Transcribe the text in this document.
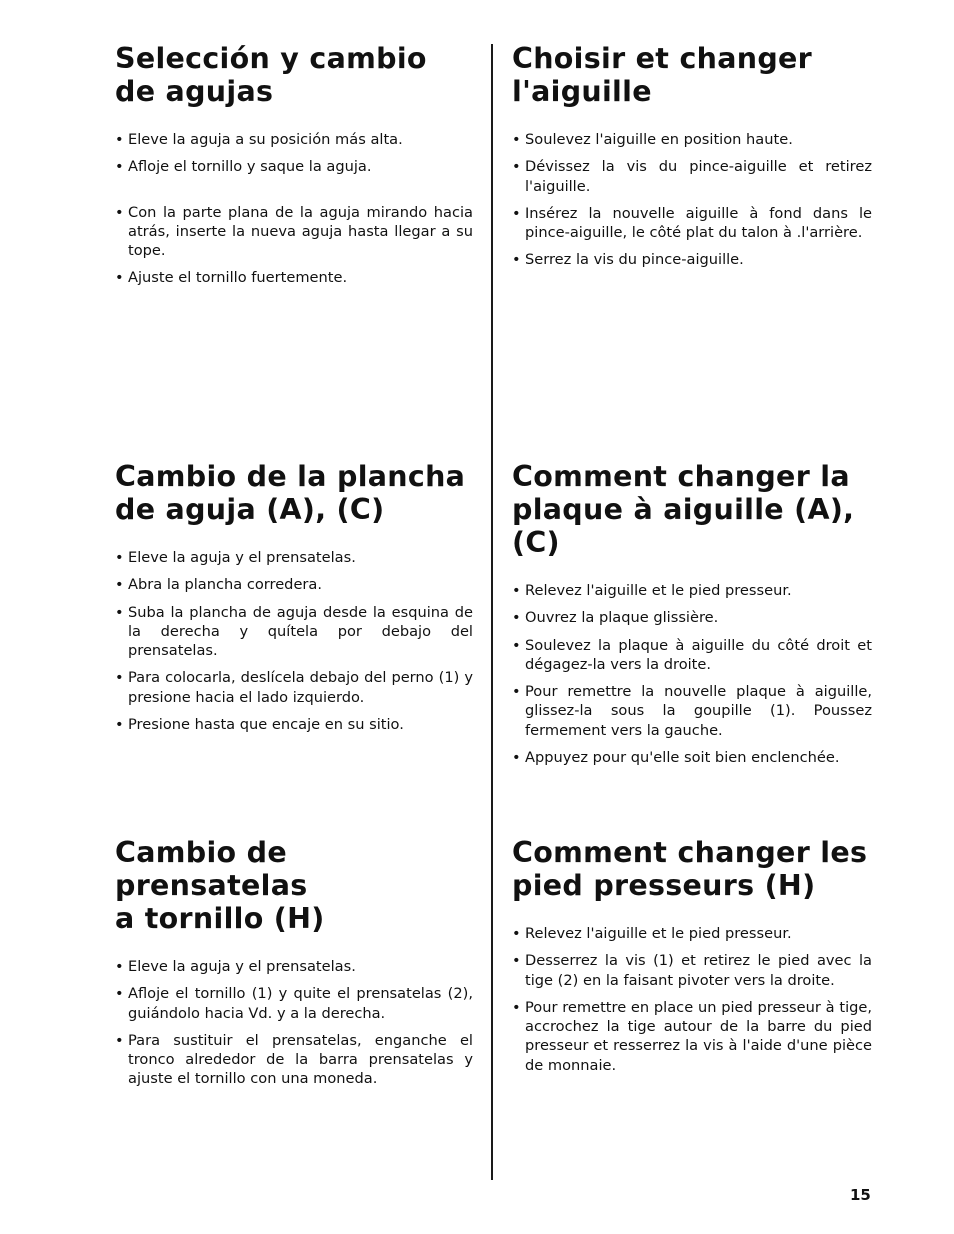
Selección y cambio
de agujas
• Eleve la aguja a su posición más alta.
• Afloje el tornillo y saque la aguja.
• Con la parte plana de la aguja mirando hacia atrás, inserte la nueva aguja hasta llegar a su tope.
• Ajuste el tornillo fuertemente.
Choisir et changer
l'aiguille
• Soulevez l'aiguille en position haute.
• Dévissez la vis du pince-aiguille et retirez l'aiguille.
• Insérez la nouvelle aiguille à fond dans le pince-aiguille, le côté plat du talon à .l'arrière.
• Serrez la vis du pince-aiguille.
Cambio de la plancha
de aguja (A), (C)
• Eleve la aguja y el prensatelas.
• Abra la plancha corredera.
• Suba la plancha de aguja desde la esquina de la derecha y quítela por debajo del prensatelas.
• Para colocarla, deslícela debajo del perno (1) y presione hacia el lado izquierdo.
• Presione hasta que encaje en su sitio.
Comment changer la
plaque à aiguille (A), (C)
• Relevez l'aiguille et le pied presseur.
• Ouvrez la plaque glissière.
• Soulevez la plaque à aiguille du côté droit et dégagez-la vers la droite.
• Pour remettre la nouvelle plaque à aiguille, glissez-la sous la goupille (1). Poussez fermement vers la gauche.
• Appuyez pour qu'elle soit bien enclenchée.
Cambio de prensatelas
a tornillo (H)
• Eleve la aguja y el prensatelas.
• Afloje el tornillo (1) y quite el prensatelas (2), guiándolo hacia Vd. y a la derecha.
• Para sustituir el prensatelas, enganche el tronco alrededor de la barra prensatelas y ajuste el tornillo con una moneda.
Comment changer les
pied presseurs (H)
• Relevez l'aiguille et le pied presseur.
• Desserrez la vis (1) et retirez le pied avec la tige (2) en la faisant pivoter vers la droite.
• Pour remettre en place un pied presseur à tige, accrochez la tige autour de la barre du pied presseur et resserrez la vis à l'aide d'une pièce de monnaie.
15
